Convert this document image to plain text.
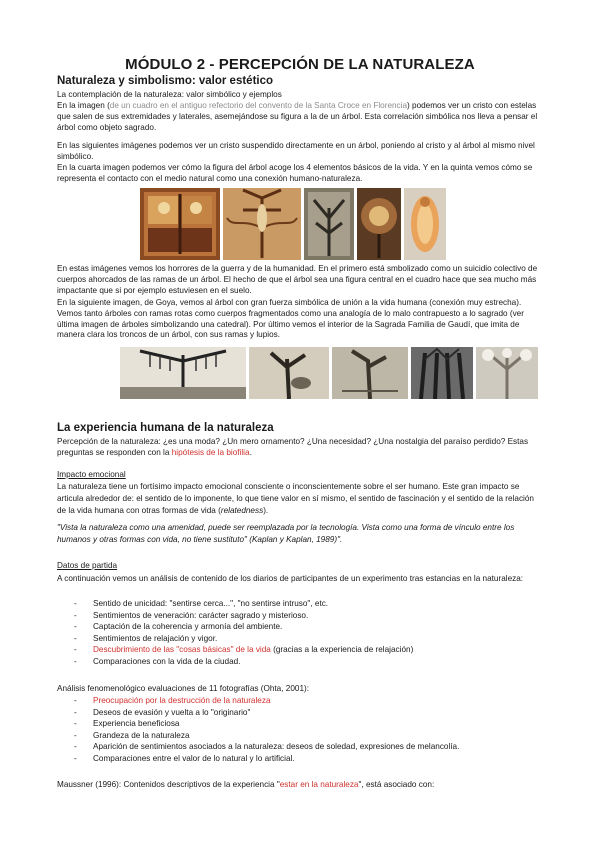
MÓDULO 2 - PERCEPCIÓN DE LA NATURALEZA
Naturaleza y simbolismo: valor estético
La contemplación de la naturaleza: valor simbólico y ejemplos
En la imagen (de un cuadro en el antiguo refectorio del convento de la Santa Croce en Florencia) podemos ver un cristo con estelas que salen de sus extremidades y laterales, asemejándose su figura a la de un árbol. Esta correlación simbólica nos lleva a pensar el árbol como objeto sagrado.
En las siguientes imágenes podemos ver un cristo suspendido directamente en un árbol, poniendo al cristo y al árbol al mismo nivel simbólico.
En la cuarta imagen podemos ver cómo la figura del árbol acoge los 4 elementos básicos de la vida. Y en la quinta vemos cómo se representa el contacto con el medio natural como una conexión humano-naturaleza.
En estas imágenes vemos los horrores de la guerra y de la humanidad. En el primero está smbolizado como un suicidio colectivo de cuerpos ahorcados de las ramas de un árbol. El hecho de que el árbol sea una figura central en el cuadro hace que sea mucho más impactante que si por ejemplo estuviesen en el suelo.
En la siguiente imagen, de Goya, vemos al árbol con gran fuerza simbólica de unión a la vida humana (conexión muy estrecha). Vemos tanto árboles con ramas rotas como cuerpos fragmentados como una analogía de lo malo contrapuesto a lo sagrado (ver última imagen de árboles simbolizando una catedral). Por último vemos el interior de la Sagrada Familia de Gaudí, que imita de manera clara los troncos de un árbol, con sus ramas y lupios.
La experiencia humana de la naturaleza
Percepción de la naturaleza: ¿es una moda? ¿Un mero ornamento? ¿Una necesidad? ¿Una nostalgia del paraíso perdido? Estas preguntas se responden con la hipótesis de la biofilia.
Impacto emocional
La naturaleza tiene un fortísimo impacto emocional consciente o inconscientemente sobre el ser humano. Este gran impacto se articula alrededor de: el sentido de lo imponente, lo que tiene valor en sí mismo, el sentido de fascinación y el sentido de la relación de la vida humana con otras formas de vida (relatedness).
"Vista la naturaleza como una amenidad, puede ser reemplazada por la tecnología. Vista como una forma de vínculo entre los humanos y otras formas con vida, no tiene sustituto" (Kaplan y Kaplan, 1989)".
Datos de partida
A continuación vemos un análisis de contenido de los diarios de participantes de un experimento tras estancias en la naturaleza:
- Sentido de unicidad: "sentirse cerca...", "no sentirse intruso", etc.
- Sentimientos de veneración: carácter sagrado y misterioso.
- Captación de la coherencia y armonía del ambiente.
- Sentimientos de relajación y vigor.
- Descubrimiento de las "cosas básicas" de la vida (gracias a la experiencia de relajación)
- Comparaciones con la vida de la ciudad.
Análisis fenomenológico evaluaciones de 11 fotografías (Ohta, 2001):
- Preocupación por la destrucción de la naturaleza
- Deseos de evasión y vuelta a lo "originario"
- Experiencia beneficiosa
- Grandeza de la naturaleza
- Aparición de sentimientos asociados a la naturaleza: deseos de soledad, expresiones de melancolía.
- Comparaciones entre el valor de lo natural y lo artificial.
Maussner (1996): Contenidos descriptivos de la experiencia "estar en la naturaleza", está asociado con:
